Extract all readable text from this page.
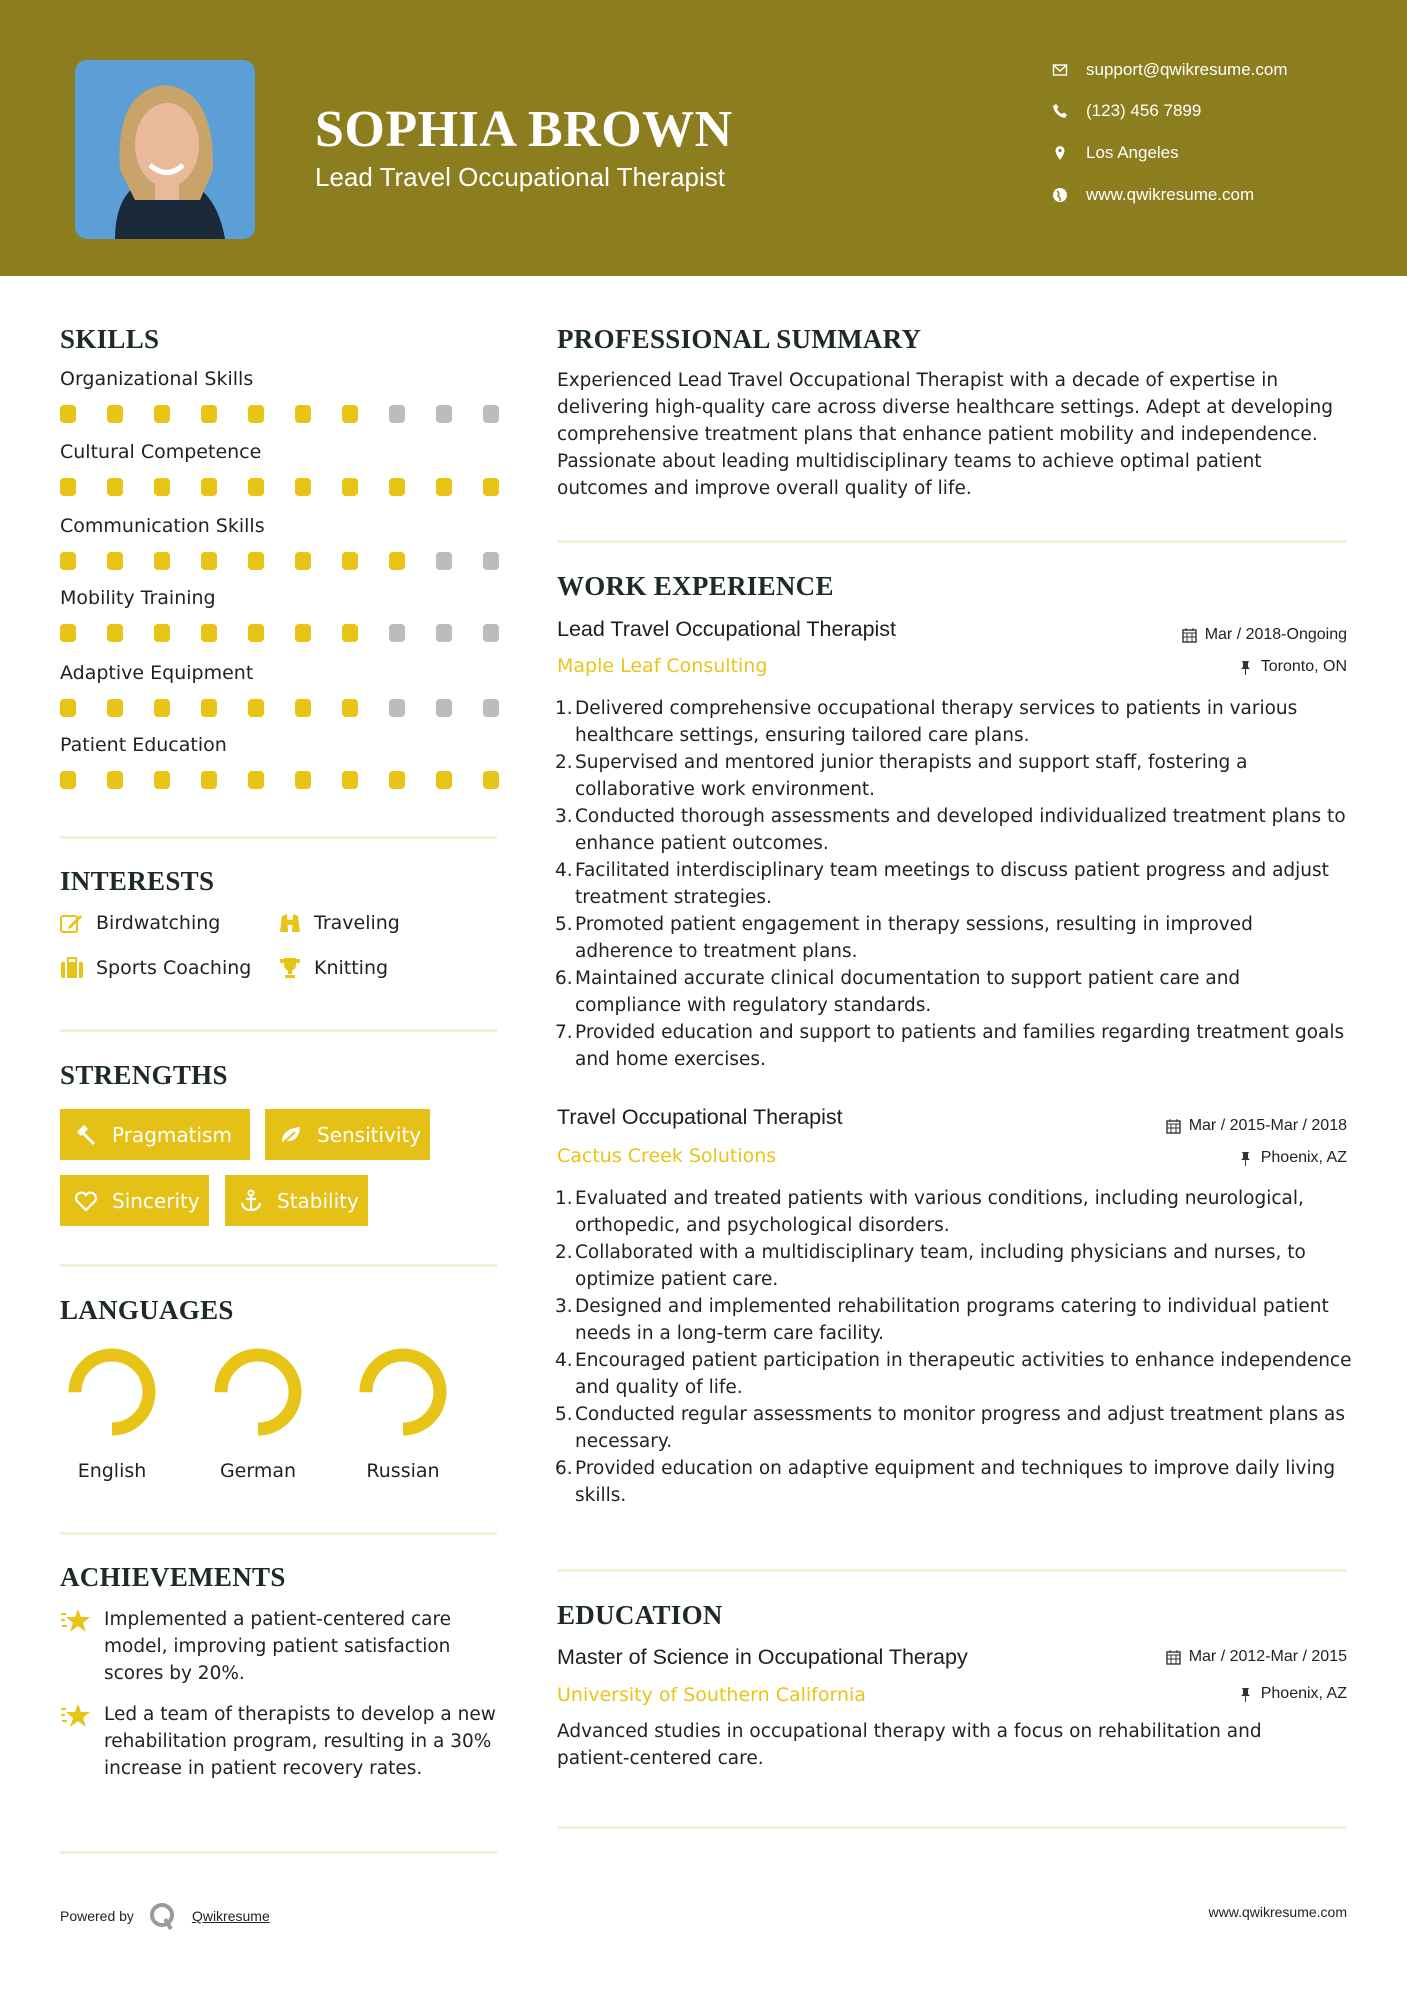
SOPHIA BROWN
Lead Travel Occupational Therapist
support@qwikresume.com
(123) 456 7899
Los Angeles
www.qwikresume.com
SKILLS
Organizational Skills
Cultural Competence
Communication Skills
Mobility Training
Adaptive Equipment
Patient Education
INTERESTS
Birdwatching	Traveling
Sports Coaching	Knitting
STRENGTHS
Pragmatism	Sensitivity
Sincerity	Stability
LANGUAGES
English	German	Russian
ACHIEVEMENTS
Implemented a patient-centered care model, improving patient satisfaction scores by 20%.
Led a team of therapists to develop a new rehabilitation program, resulting in a 30% increase in patient recovery rates.
PROFESSIONAL SUMMARY
Experienced Lead Travel Occupational Therapist with a decade of expertise in delivering high-quality care across diverse healthcare settings. Adept at developing comprehensive treatment plans that enhance patient mobility and independence. Passionate about leading multidisciplinary teams to achieve optimal patient outcomes and improve overall quality of life.
WORK EXPERIENCE
Lead Travel Occupational Therapist
Maple Leaf Consulting
Mar / 2018-Ongoing
Toronto, ON
Delivered comprehensive occupational therapy services to patients in various healthcare settings, ensuring tailored care plans.
Supervised and mentored junior therapists and support staff, fostering a collaborative work environment.
Conducted thorough assessments and developed individualized treatment plans to enhance patient outcomes.
Facilitated interdisciplinary team meetings to discuss patient progress and adjust treatment strategies.
Promoted patient engagement in therapy sessions, resulting in improved adherence to treatment plans.
Maintained accurate clinical documentation to support patient care and compliance with regulatory standards.
Provided education and support to patients and families regarding treatment goals and home exercises.
Travel Occupational Therapist
Cactus Creek Solutions
Mar / 2015-Mar / 2018
Phoenix, AZ
Evaluated and treated patients with various conditions, including neurological, orthopedic, and psychological disorders.
Collaborated with a multidisciplinary team, including physicians and nurses, to optimize patient care.
Designed and implemented rehabilitation programs catering to individual patient needs in a long-term care facility.
Encouraged patient participation in therapeutic activities to enhance independence and quality of life.
Conducted regular assessments to monitor progress and adjust treatment plans as necessary.
Provided education on adaptive equipment and techniques to improve daily living skills.
EDUCATION
Master of Science in Occupational Therapy
University of Southern California
Mar / 2012-Mar / 2015
Phoenix, AZ
Advanced studies in occupational therapy with a focus on rehabilitation and patient-centered care.
Powered by	Qwikresume	www.qwikresume.com
